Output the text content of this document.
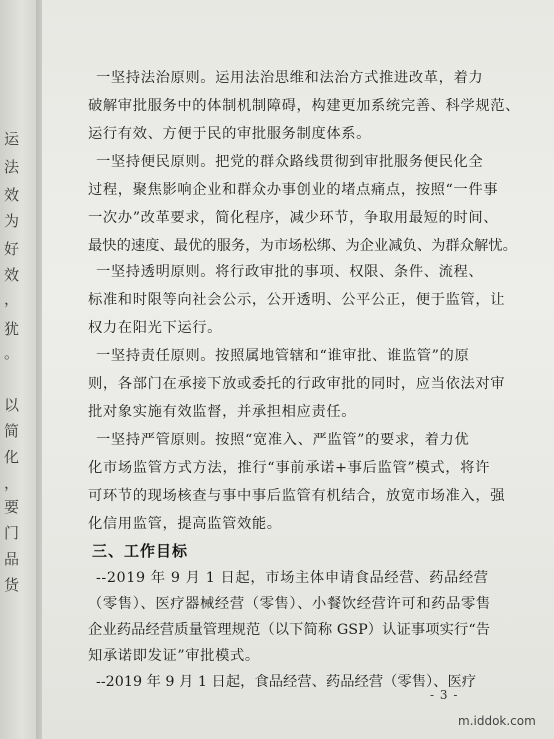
运
法
效
为
好
效
，
犹
。
以
简
化
，
要
门
品
货
一坚持法治原则。运用法治思维和法治方式推进改革，着力
破解审批服务中的体制机制障碍，构建更加系统完善、科学规范、
运行有效、方便于民的审批服务制度体系。
一坚持便民原则。把党的群众路线贯彻到审批服务便民化全
过程，聚焦影响企业和群众办事创业的堵点痛点，按照“一件事
一次办”改革要求，简化程序，减少环节，争取用最短的时间、
最快的速度、最优的服务，为市场松绑、为企业减负、为群众解忧。
一坚持透明原则。将行政审批的事项、权限、条件、流程、
标准和时限等向社会公示，公开透明、公平公正，便于监管，让
权力在阳光下运行。
一坚持责任原则。按照属地管辖和“谁审批、谁监管”的原
则，各部门在承接下放或委托的行政审批的同时，应当依法对审
批对象实施有效监督，并承担相应责任。
一坚持严管原则。按照“宽准入、严监管”的要求，着力优
化市场监管方式方法，推行“事前承诺+事后监管”模式，将许
可环节的现场核查与事中事后监管有机结合，放宽市场准入，强
化信用监管，提高监管效能。
三、工作目标
--2019 年 9 月 1 日起，市场主体申请食品经营、药品经营
（零售）、医疗器械经营（零售）、小餐饮经营许可和药品零售
企业药品经营质量管理规范（以下简称 GSP）认证事项实行“告
知承诺即发证”审批模式。
--2019 年 9 月 1 日起，食品经营、药品经营（零售）、医疗
- 3 -
m.iddok.com
